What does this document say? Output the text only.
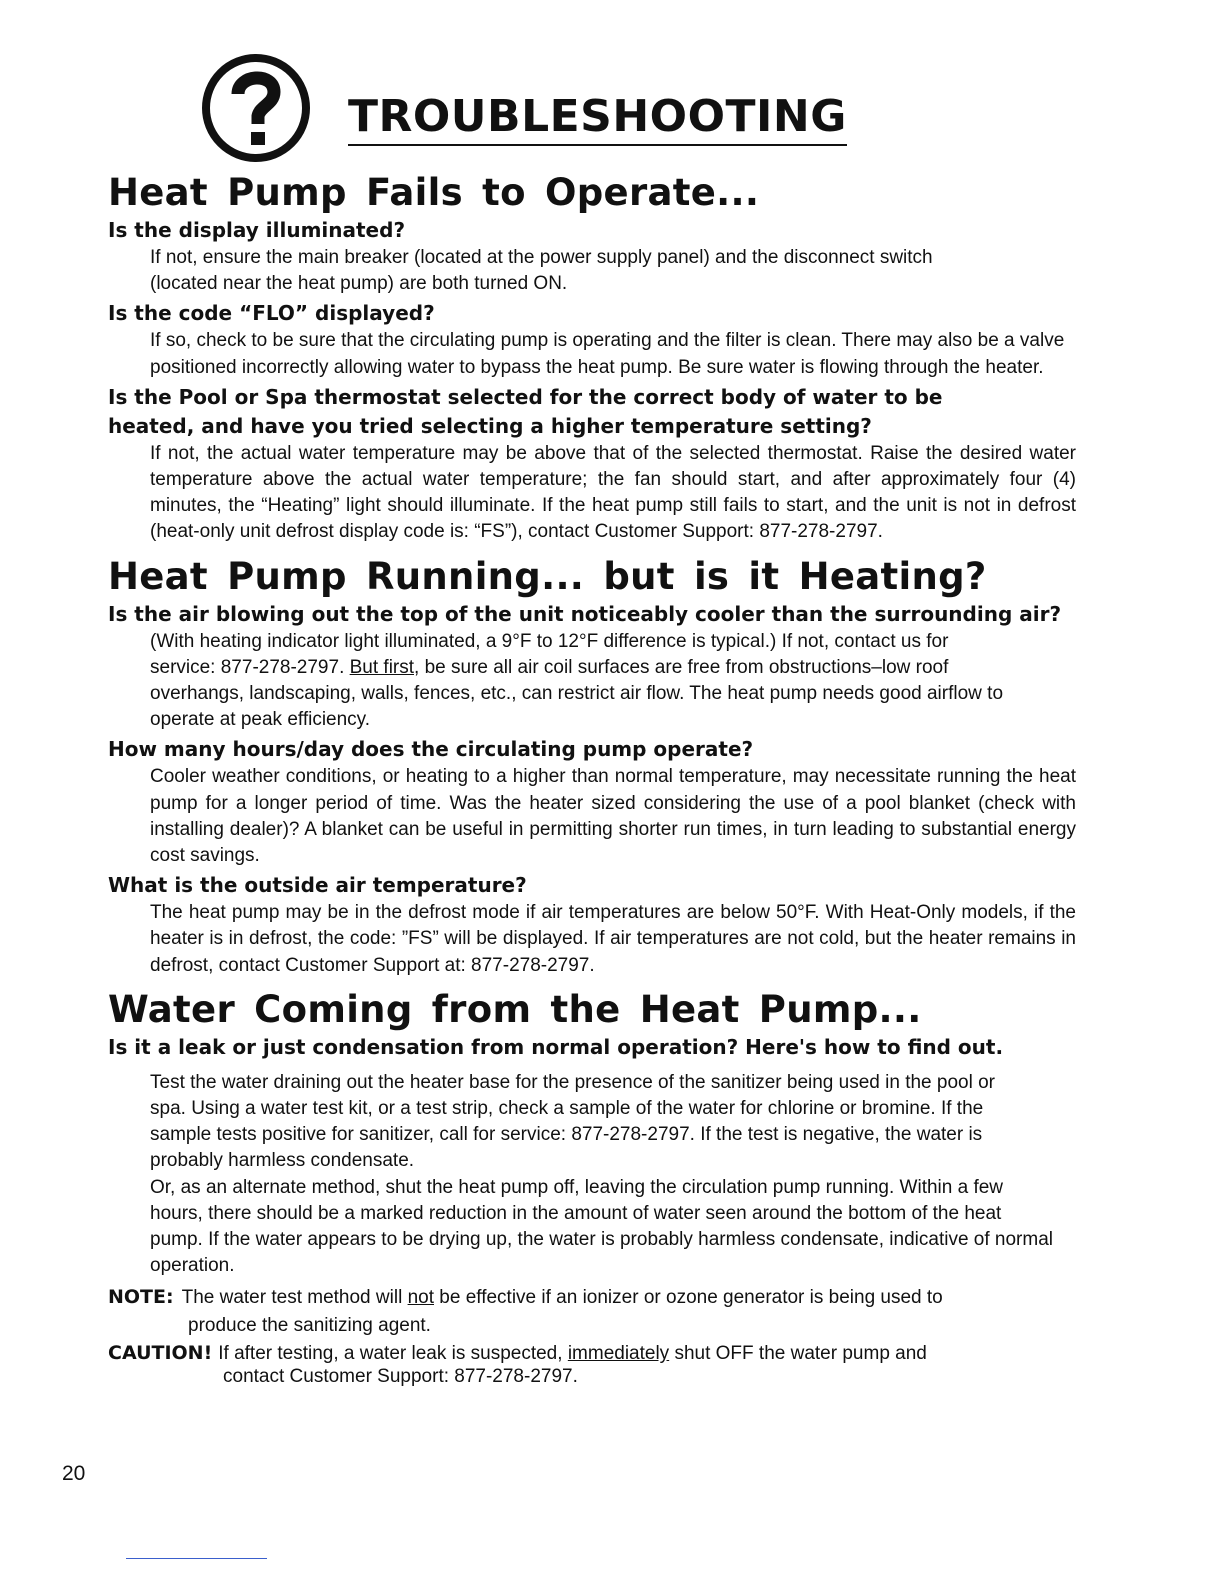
TROUBLESHOOTING
Heat Pump Fails to Operate...
Is the display illuminated?
If not, ensure the main breaker (located at the power supply panel) and the disconnect switch
(located near the heat pump) are both turned ON.
Is the code “FLO” displayed?

If so, check to be sure that the circulating pump is operating and the filter is clean. There may also be a valve positioned incorrectly allowing water to bypass the heat pump. Be sure water is flowing through the heater.

Is the Pool or Spa thermostat selected for the correct body of water to be heated, and have you tried selecting a higher temperature setting?

If not, the actual water temperature may be above that of the selected thermostat. Raise the desired water temperature above the actual water temperature; the fan should start, and after approximately four (4) minutes, the “Heating” light should illuminate. If the heat pump still fails to start, and the unit is not in defrost (heat-only unit defrost display code is: “FS”), contact Customer Support: 877-278-2797.

Heat Pump Running... but is it Heating?
Is the air blowing out the top of the unit noticeably cooler than the surrounding air?
(With heating indicator light illuminated, a 9°F to 12°F difference is typical.) If not, contact us for
service: 877-278-2797. But first, be sure all air coil surfaces are free from obstructions–low roof
overhangs, landscaping, walls, fences, etc., can restrict air flow. The heat pump needs good airflow to
operate at peak efficiency.
How many hours/day does the circulating pump operate?

Cooler weather conditions, or heating to a higher than normal temperature, may necessitate running the heat pump for a longer period of time. Was the heater sized considering the use of a pool blanket (check with installing dealer)? A blanket can be useful in permitting shorter run times, in turn leading to substantial energy cost savings.

What is the outside air temperature?

The heat pump may be in the defrost mode if air temperatures are below 50°F. With Heat-Only models, if the heater is in defrost, the code: ”FS” will be displayed. If air temperatures are not cold, but the heater remains in defrost, contact Customer Support at: 877-278-2797.

Water Coming from the Heat Pump...
Is it a leak or just condensation from normal operation? Here's how to find out.
Test the water draining out the heater base for the presence of the sanitizer being used in the pool or
spa. Using a water test kit, or a test strip, check a sample of the water for chlorine or bromine. If the
sample tests positive for sanitizer, call for service: 877-278-2797. If the test is negative, the water is
probably harmless condensate.
Or, as an alternate method, shut the heat pump off, leaving the circulation pump running. Within a few
hours, there should be a marked reduction in the amount of water seen around the bottom of the heat
pump. If the water appears to be drying up, the water is probably harmless condensate, indicative of normal
operation.
NOTE: The water test method will not be effective if an ionizer or ozone generator is being used to
produce the sanitizing agent.
CAUTION! If after testing, a water leak is suspected, immediately shut OFF the water pump and
contact Customer Support: 877-278-2797.
20
